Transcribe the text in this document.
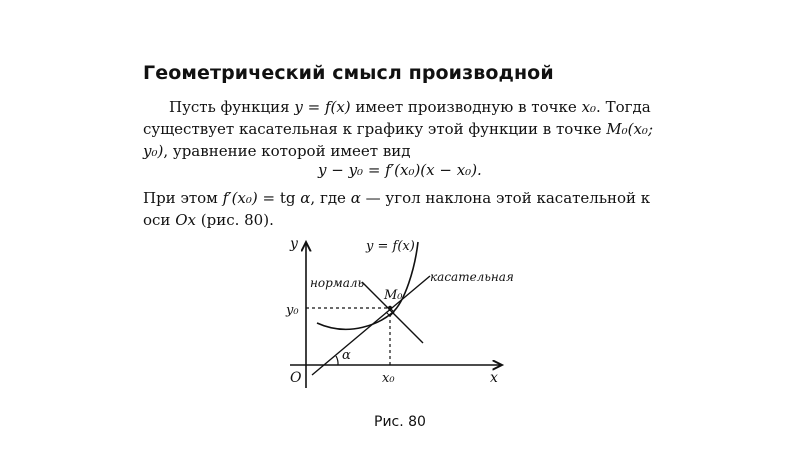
Геометрический смысл производной

Пусть функция y = f(x) имеет производную в точке x₀. Тогда существует касательная к графику этой функции в точке M₀(x₀; y₀), уравнение которой имеет вид

y − y₀ = f′(x₀)(x − x₀).

При этом f′(x₀) = tg α, где α — угол наклона этой касательной к оси Ox (рис. 80).

y
x
O
y = f(x)
нормаль	касательная
M₀
y₀
x₀
α
Рис. 80
